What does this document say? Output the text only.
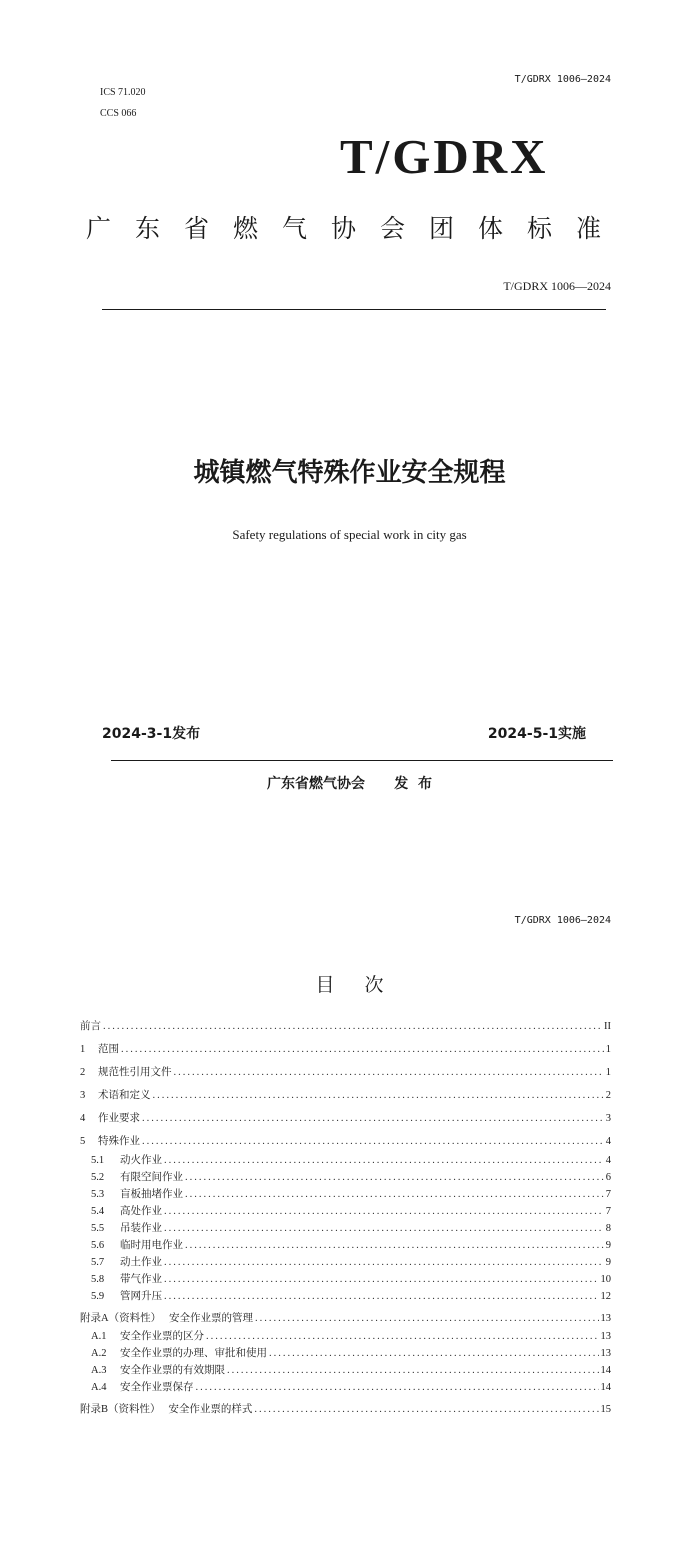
T/GDRX 1006—2024
ICS 71.020
CCS 066
T/GDRX
广东省燃气协会团体标准
T/GDRX 1006—2024
城镇燃气特殊作业安全规程
Safety regulations of special work in city gas
2024-3-1发布	2024-5-1实施
广东省燃气协会      发  布
T/GDRX 1006—2024
目次
前言 .....	II
1	范围 .....	1
2	规范性引用文件 .....	1
3	术语和定义 .....	2
4	作业要求 .....	3
5	特殊作业 .....	4
5.1	动火作业 .....	4
5.2	有限空间作业 .....	6
5.3	盲板抽堵作业 .....	7
5.4	高处作业 .....	7
5.5	吊装作业 .....	8
5.6	临时用电作业 .....	9
5.7	动土作业 .....	9
5.8	带气作业 .....	10
5.9	管网升压 .....	12
附录A（资料性）   安全作业票的管理 .....	13
A.1	安全作业票的区分 .....	13
A.2	安全作业票的办理、审批和使用 .....	13
A.3	安全作业票的有效期限 .....	14
A.4	安全作业票保存 .....	14
附录B（资料性）   安全作业票的样式 .....	15
